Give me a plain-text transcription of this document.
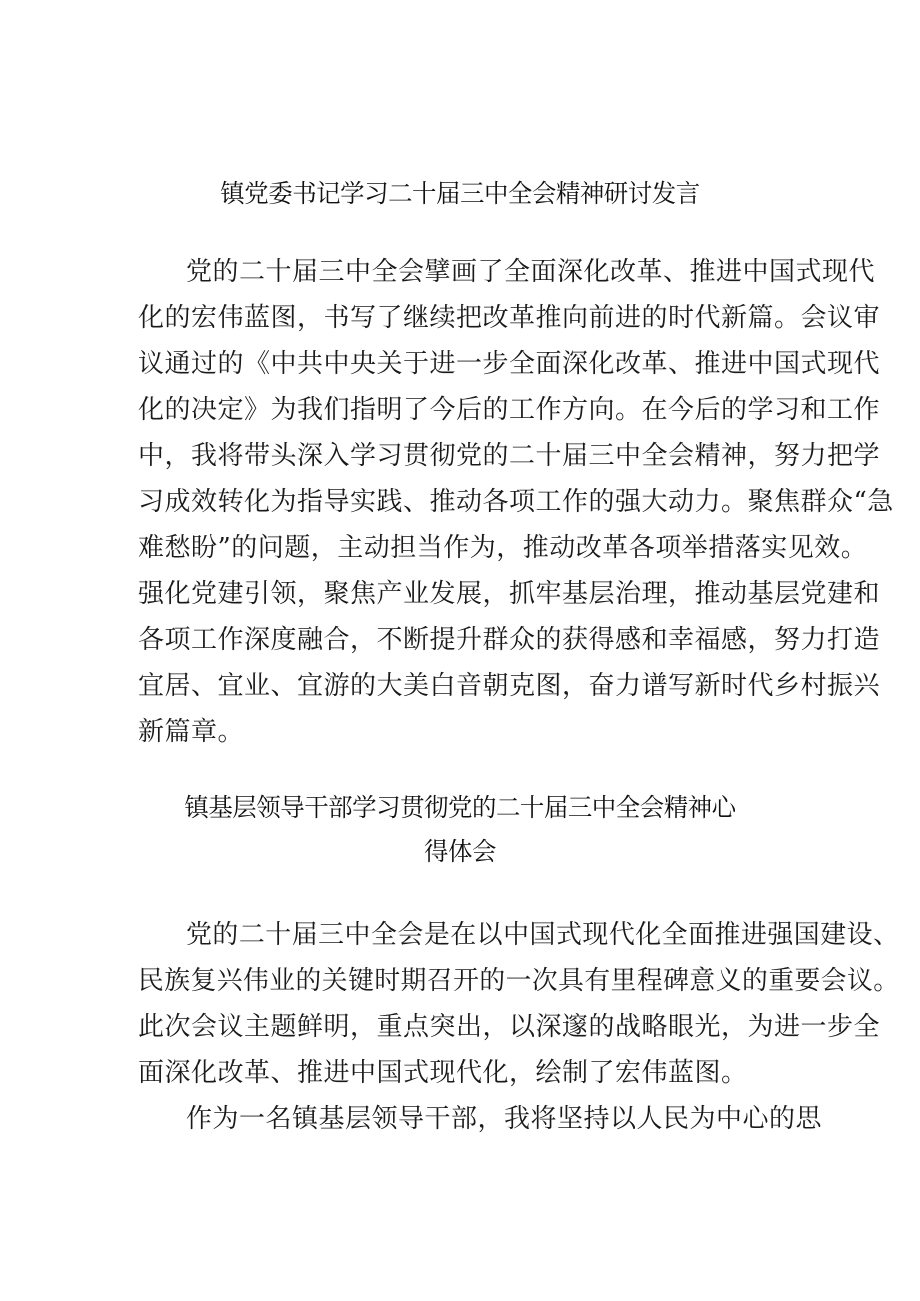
镇党委书记学习二十届三中全会精神研讨发言
党的二十届三中全会擘画了全面深化改革、推进中国式现代
化的宏伟蓝图，书写了继续把改革推向前进的时代新篇。会议审
议通过的《中共中央关于进一步全面深化改革、推进中国式现代
化的决定》为我们指明了今后的工作方向。在今后的学习和工作
中，我将带头深入学习贯彻党的二十届三中全会精神，努力把学
习成效转化为指导实践、推动各项工作的强大动力。聚焦群众“急
难愁盼”的问题，主动担当作为，推动改革各项举措落实见效。
强化党建引领，聚焦产业发展，抓牢基层治理，推动基层党建和
各项工作深度融合，不断提升群众的获得感和幸福感，努力打造
宜居、宜业、宜游的大美白音朝克图，奋力谱写新时代乡村振兴
新篇章。
镇基层领导干部学习贯彻党的二十届三中全会精神心
得体会
党的二十届三中全会是在以中国式现代化全面推进强国建设、
民族复兴伟业的关键时期召开的一次具有里程碑意义的重要会议。
此次会议主题鲜明，重点突出，以深邃的战略眼光，为进一步全
面深化改革、推进中国式现代化，绘制了宏伟蓝图。
作为一名镇基层领导干部，我将坚持以人民为中心的思
